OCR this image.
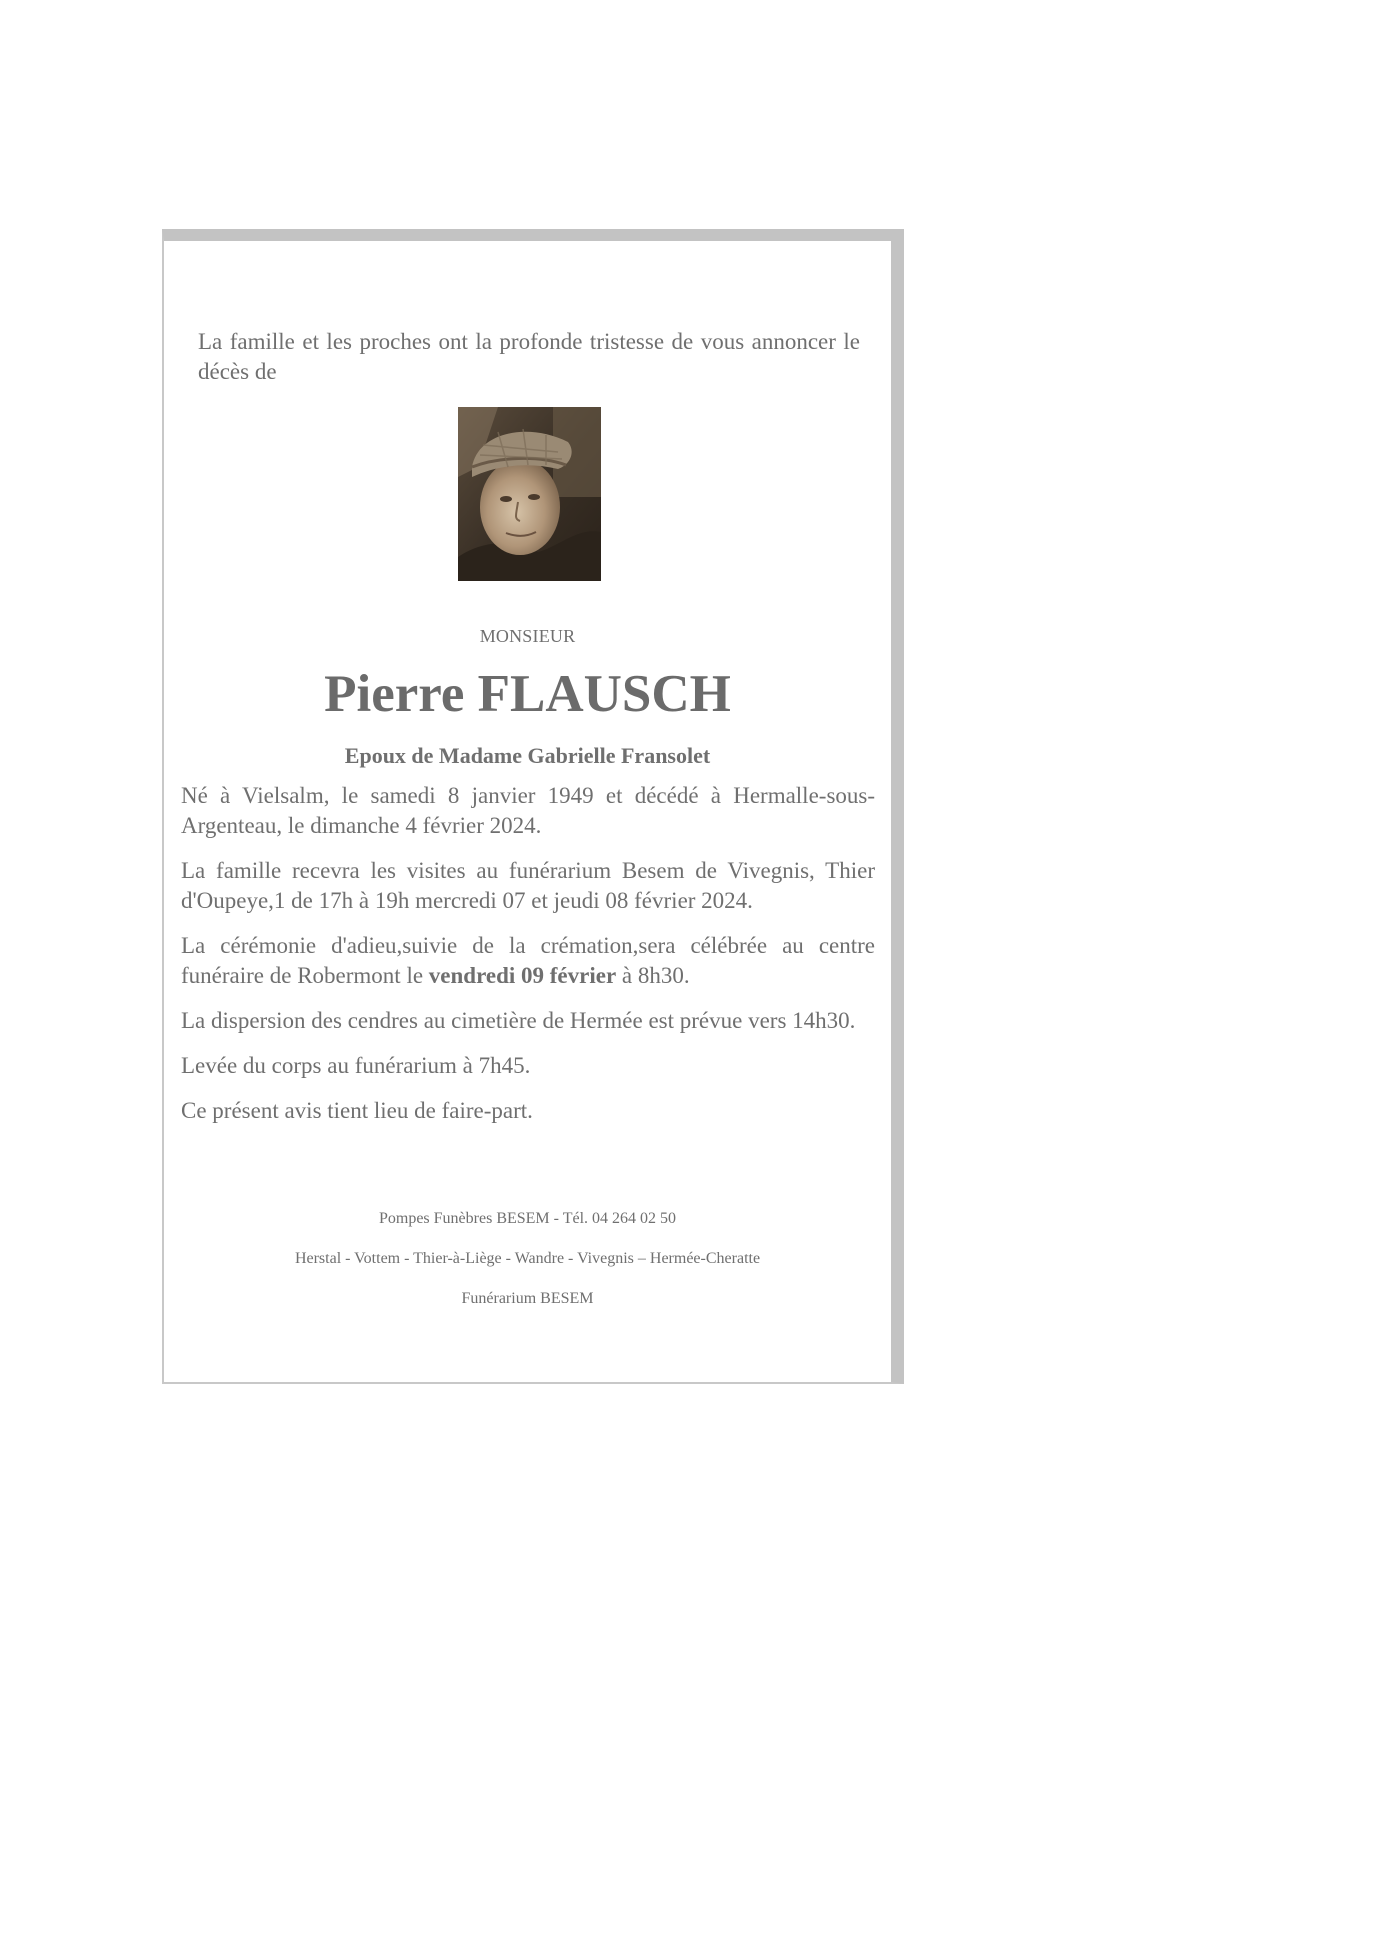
La famille et les proches ont la profonde tristesse de vous annoncer le décès de

MONSIEUR

Pierre FLAUSCH

Epoux de Madame Gabrielle Fransolet

Né à Vielsalm, le samedi 8 janvier 1949 et décédé à Hermalle-sous-Argenteau, le dimanche 4 février 2024.

La famille recevra les visites au funérarium Besem de Vivegnis, Thier d'Oupeye,1 de 17h à 19h mercredi 07 et jeudi 08 février 2024.

La cérémonie d'adieu,suivie de la crémation,sera célébrée au centre funéraire de Robermont le vendredi 09 février à 8h30.

La dispersion des cendres au cimetière de Hermée est prévue vers 14h30.

Levée du corps au funérarium à 7h45.

Ce présent avis tient lieu de faire-part.

Pompes Funèbres BESEM - Tél. 04 264 02 50
Herstal - Vottem - Thier-à-Liège - Wandre - Vivegnis – Hermée-Cheratte
Funérarium BESEM
